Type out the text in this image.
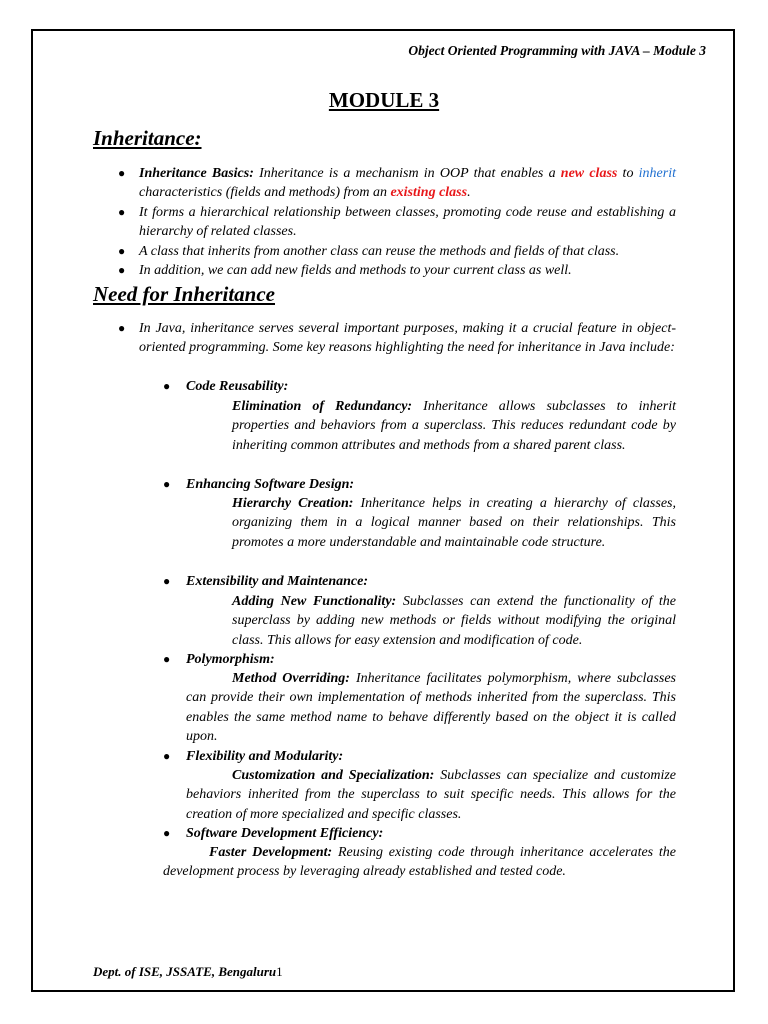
Object Oriented Programming with JAVA – Module 3
MODULE 3
Inheritance:
● Inheritance Basics: Inheritance is a mechanism in OOP that enables a new class to inherit characteristics (fields and methods) from an existing class.
● It forms a hierarchical relationship between classes, promoting code reuse and establishing a hierarchy of related classes.
● A class that inherits from another class can reuse the methods and fields of that class.
● In addition, we can add new fields and methods to your current class as well.
Need for Inheritance
● In Java, inheritance serves several important purposes, making it a crucial feature in object-oriented programming. Some key reasons highlighting the need for inheritance in Java include:
● Code Reusability:
Elimination of Redundancy: Inheritance allows subclasses to inherit properties and behaviors from a superclass. This reduces redundant code by inheriting common attributes and methods from a shared parent class.
● Enhancing Software Design:
Hierarchy Creation: Inheritance helps in creating a hierarchy of classes, organizing them in a logical manner based on their relationships. This promotes a more understandable and maintainable code structure.
● Extensibility and Maintenance:
Adding New Functionality: Subclasses can extend the functionality of the superclass by adding new methods or fields without modifying the original class. This allows for easy extension and modification of code.
● Polymorphism:
Method Overriding: Inheritance facilitates polymorphism, where subclasses can provide their own implementation of methods inherited from the superclass. This enables the same method name to behave differently based on the object it is called upon.
● Flexibility and Modularity:
Customization and Specialization: Subclasses can specialize and customize behaviors inherited from the superclass to suit specific needs. This allows for the creation of more specialized and specific classes.
● Software Development Efficiency:
Faster Development: Reusing existing code through inheritance accelerates the development process by leveraging already established and tested code.
Dept. of ISE, JSSATE, Bengaluru1
